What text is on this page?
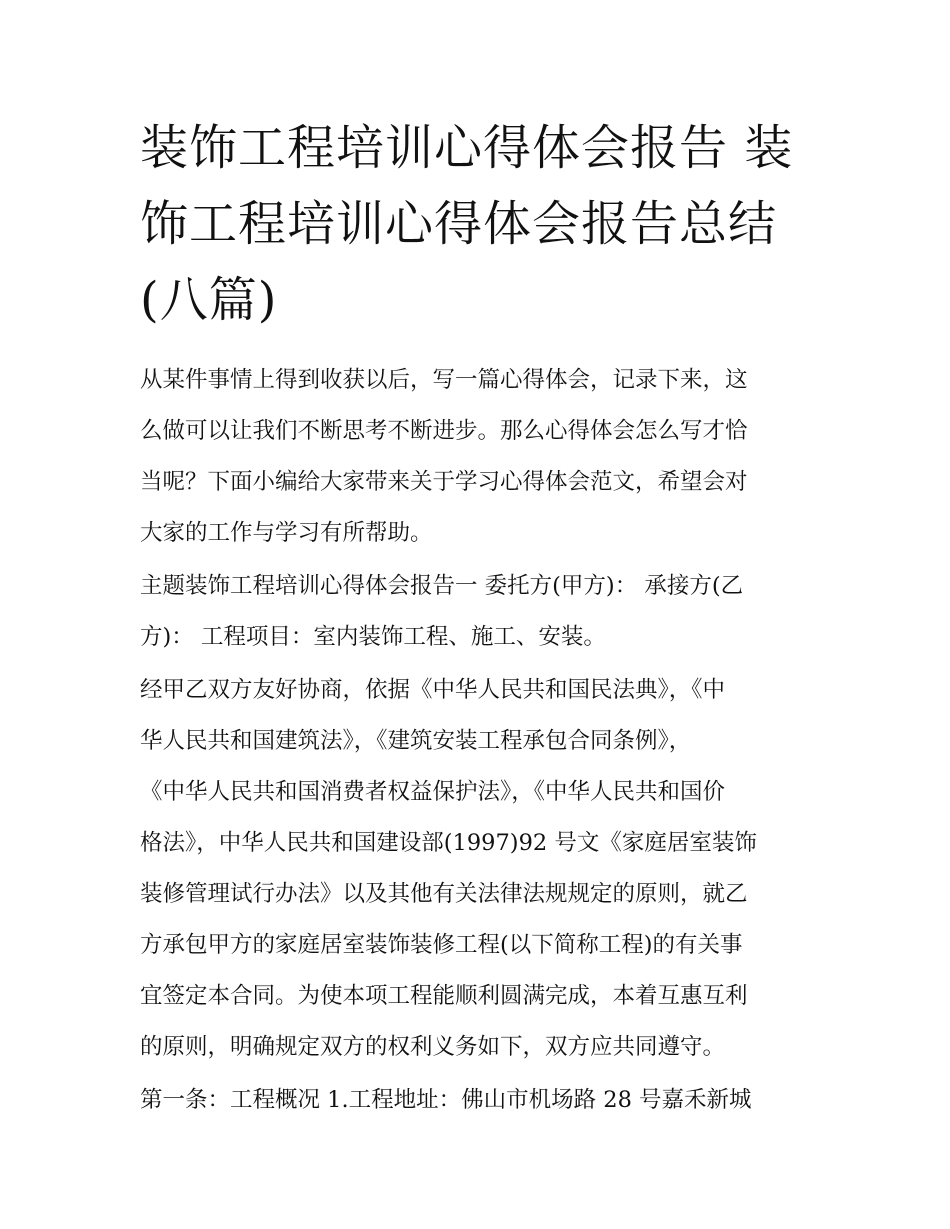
装饰工程培训心得体会报告 装
饰工程培训心得体会报告总结
(八篇)

从某件事情上得到收获以后，写一篇心得体会，记录下来，这
么做可以让我们不断思考不断进步。那么心得体会怎么写才恰
当呢？下面小编给大家带来关于学习心得体会范文，希望会对
大家的工作与学习有所帮助。

主题装饰工程培训心得体会报告一 委托方(甲方)： 承接方(乙
方)： 工程项目：室内装饰工程、施工、安装。

经甲乙双方友好协商，依据《中华人民共和国民法典》，《中
华人民共和国建筑法》，《建筑安装工程承包合同条例》，
《中华人民共和国消费者权益保护法》，《中华人民共和国价
格法》，中华人民共和国建设部(1997)92 号文《家庭居室装饰
装修管理试行办法》以及其他有关法律法规规定的原则，就乙
方承包甲方的家庭居室装饰装修工程(以下简称工程)的有关事
宜签定本合同。为使本项工程能顺利圆满完成，本着互惠互利
的原则，明确规定双方的权利义务如下，双方应共同遵守。

第一条：工程概况 1.工程地址：佛山市机场路 28 号嘉禾新城
